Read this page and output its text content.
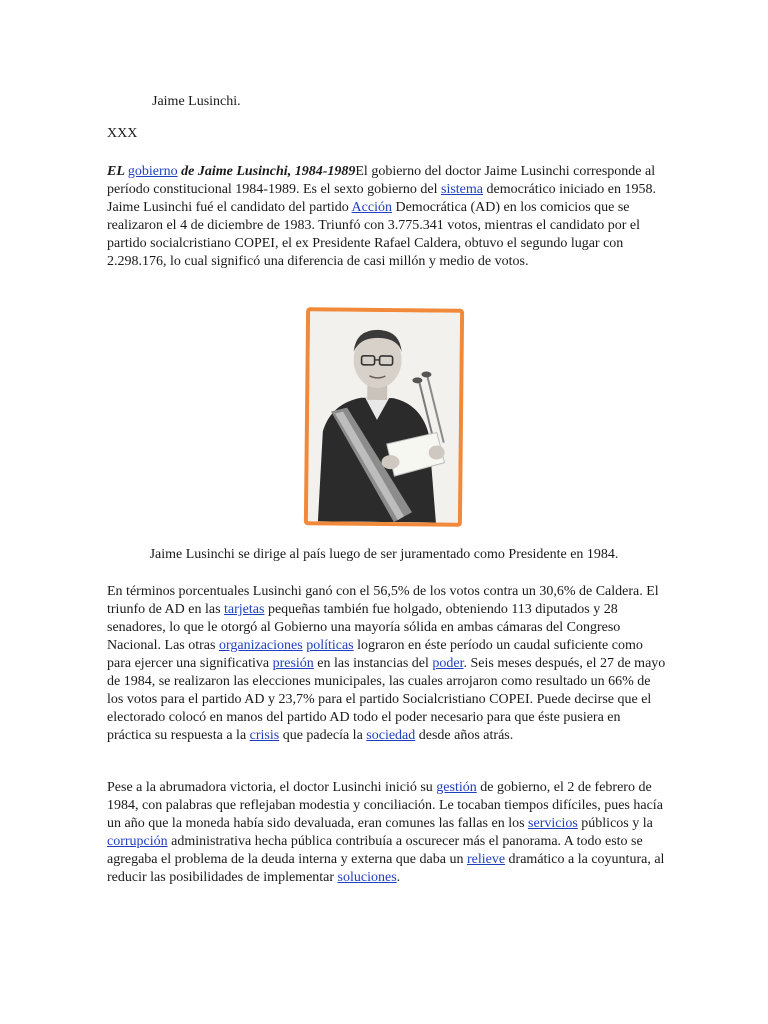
Jaime Lusinchi.

XXX

EL gobierno de Jaime Lusinchi, 1984-1989El gobierno del doctor Jaime Lusinchi corresponde al período constitucional 1984-1989. Es el sexto gobierno del sistema democrático iniciado en 1958. Jaime Lusinchi fué el candidato del partido Acción Democrática (AD) en los comicios que se realizaron el 4 de diciembre de 1983. Triunfó con 3.775.341 votos, mientras el candidato por el partido socialcristiano COPEI, el ex Presidente Rafael Caldera, obtuvo el segundo lugar con 2.298.176, lo cual significó una diferencia de casi millón y medio de votos.

Jaime Lusinchi se dirige al país luego de ser juramentado como Presidente en 1984.

En términos porcentuales Lusinchi ganó con el 56,5% de los votos contra un 30,6% de Caldera. El triunfo de AD en las tarjetas pequeñas también fue holgado, obteniendo 113 diputados y 28 senadores, lo que le otorgó al Gobierno una mayoría sólida en ambas cámaras del Congreso Nacional. Las otras organizaciones políticas lograron en éste período un caudal suficiente como para ejercer una significativa presión en las instancias del poder. Seis meses después, el 27 de mayo de 1984, se realizaron las elecciones municipales, las cuales arrojaron como resultado un 66% de los votos para el partido AD y 23,7% para el partido Socialcristiano COPEI. Puede decirse que el electorado colocó en manos del partido AD todo el poder necesario para que éste pusiera en práctica su respuesta a la crisis que padecía la sociedad desde años atrás.

Pese a la abrumadora victoria, el doctor Lusinchi inició su gestión de gobierno, el 2 de febrero de 1984, con palabras que reflejaban modestia y conciliación. Le tocaban tiempos difíciles, pues hacía un año que la moneda había sido devaluada, eran comunes las fallas en los servicios públicos y la corrupción administrativa hecha pública contribuía a oscurecer más el panorama. A todo esto se agregaba el problema de la deuda interna y externa que daba un relieve dramático a la coyuntura, al reducir las posibilidades de implementar soluciones.
